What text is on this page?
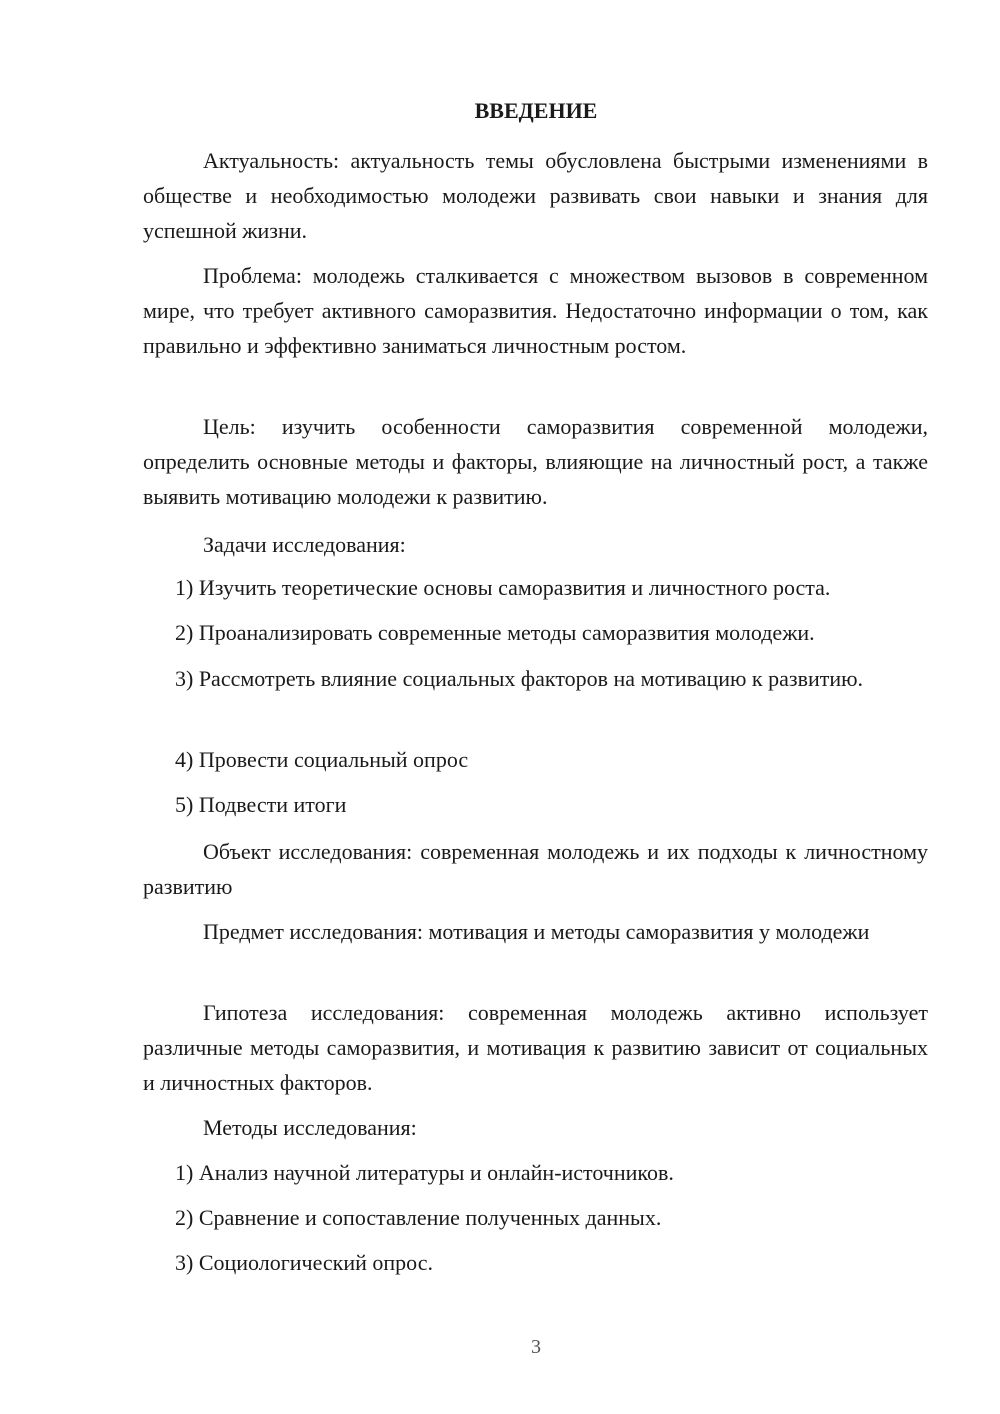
ВВЕДЕНИЕ

Актуальность: актуальность темы обусловлена быстрыми изменениями в обществе и необходимостью молодежи развивать свои навыки и знания для успешной жизни.

Проблема: молодежь сталкивается с множеством вызовов в современном мире, что требует активного саморазвития. Недостаточно информации о том, как правильно и эффективно заниматься личностным ростом.

Цель: изучить особенности саморазвития современной молодежи, определить основные методы и факторы, влияющие на личностный рост, а также выявить мотивацию молодежи к развитию.

Задачи исследования:
1) Изучить теоретические основы саморазвития и личностного роста.
2) Проанализировать современные методы саморазвития молодежи.

3) Рассмотреть влияние социальных факторов на мотивацию к развитию.

4) Провести социальный опрос
5) Подвести итоги

Объект исследования: современная молодежь и их подходы к личностному развитию

Предмет исследования: мотивация и методы саморазвития у молодежи

Гипотеза исследования: современная молодежь активно использует различные методы саморазвития, и мотивация к развитию зависит от социальных и личностных факторов.

Методы исследования:
1) Анализ научной литературы и онлайн-источников.
2) Сравнение и сопоставление полученных данных.
3) Социологический опрос.
3
